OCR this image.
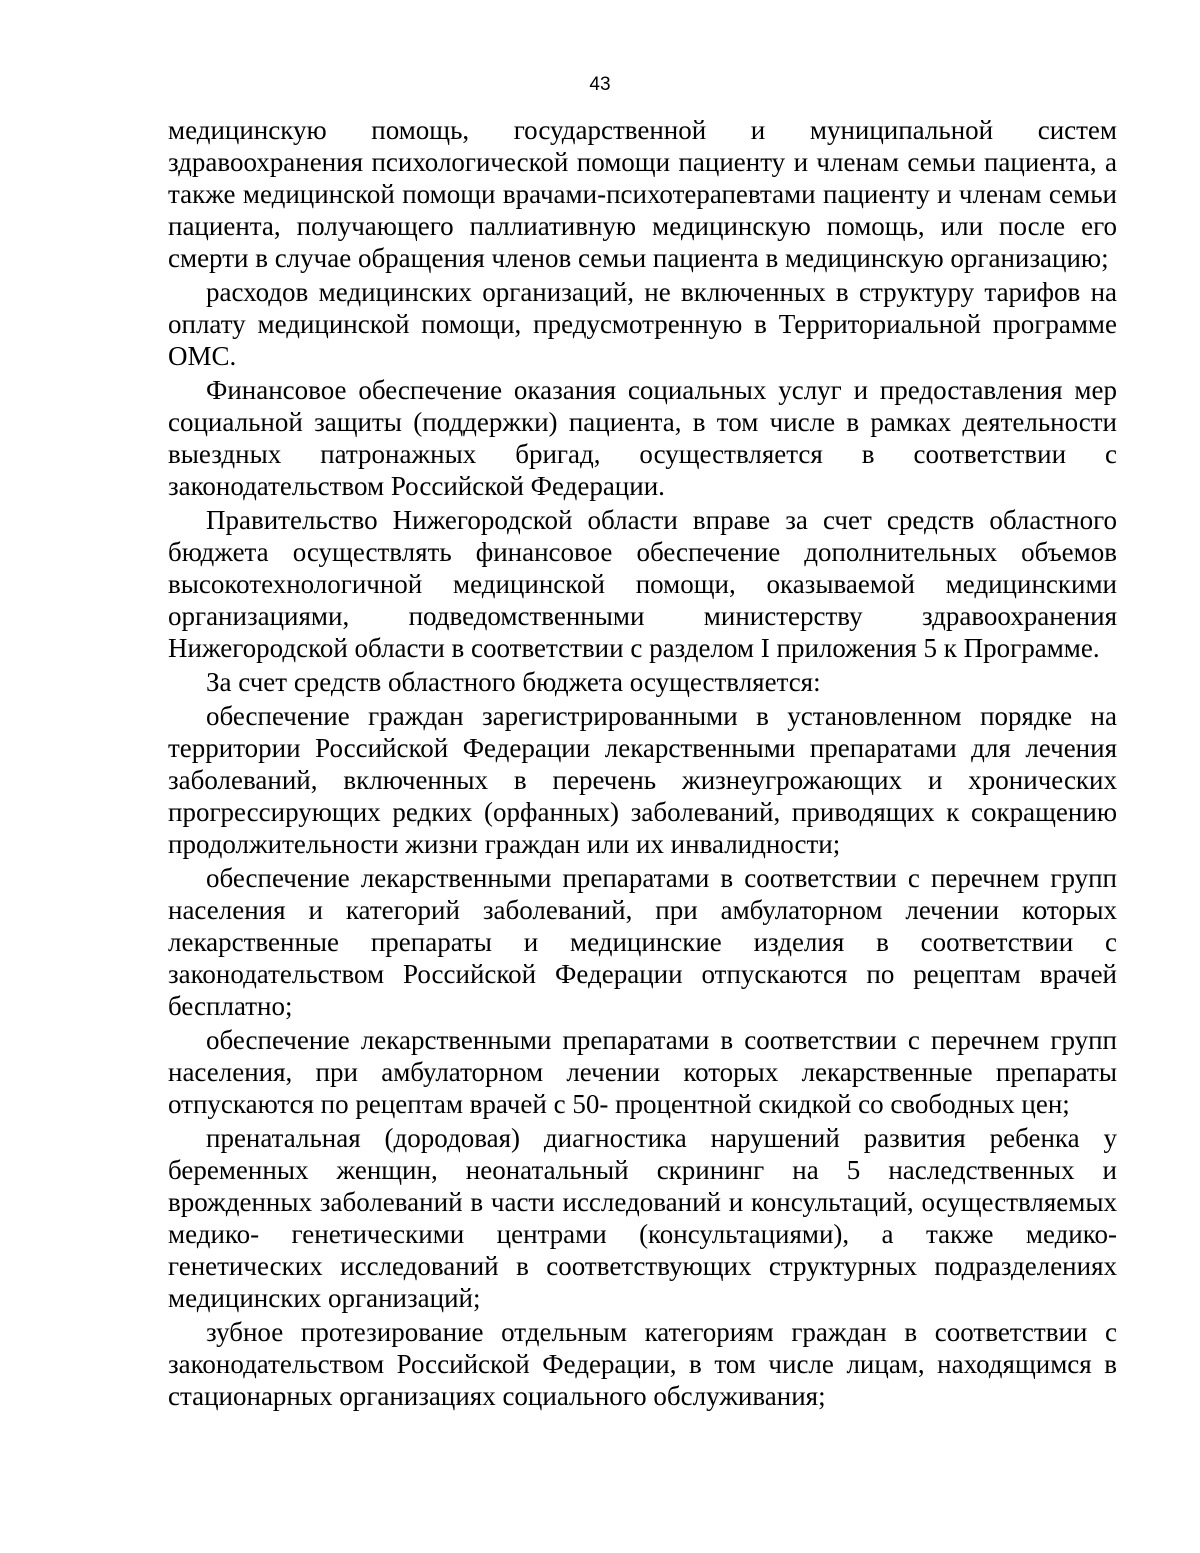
43

медицинскую помощь, государственной и муниципальной систем здравоохранения психологической помощи пациенту и членам семьи пациента, а также медицинской помощи врачами-психотерапевтами пациенту и членам семьи пациента, получающего паллиативную медицинскую помощь, или после его смерти в случае обращения членов семьи пациента в медицинскую организацию;

расходов медицинских организаций, не включенных в структуру тарифов на оплату медицинской помощи, предусмотренную в Территориальной программе ОМС.

Финансовое обеспечение оказания социальных услуг и предоставления мер социальной защиты (поддержки) пациента, в том числе в рамках деятельности выездных патронажных бригад, осуществляется в соответствии с законодательством Российской Федерации.

Правительство Нижегородской области вправе за счет средств областного бюджета осуществлять финансовое обеспечение дополнительных объемов высокотехнологичной медицинской помощи, оказываемой медицинскими организациями, подведомственными министерству здравоохранения Нижегородской области в соответствии с разделом I приложения 5 к Программе.

За счет средств областного бюджета осуществляется:

обеспечение граждан зарегистрированными в установленном порядке на территории Российской Федерации лекарственными препаратами для лечения заболеваний, включенных в перечень жизнеугрожающих и хронических прогрессирующих редких (орфанных) заболеваний, приводящих к сокращению продолжительности жизни граждан или их инвалидности;

обеспечение лекарственными препаратами в соответствии с перечнем групп населения и категорий заболеваний, при амбулаторном лечении которых лекарственные препараты и медицинские изделия в соответствии с законодательством Российской Федерации отпускаются по рецептам врачей бесплатно;

обеспечение лекарственными препаратами в соответствии с перечнем групп населения, при амбулаторном лечении которых лекарственные препараты отпускаются по рецептам врачей с 50- процентной скидкой со свободных цен;

пренатальная (дородовая) диагностика нарушений развития ребенка у беременных женщин, неонатальный скрининг на 5 наследственных и врожденных заболеваний в части исследований и консультаций, осуществляемых медико- генетическими центрами (консультациями), а также медико- генетических исследований в соответствующих структурных подразделениях медицинских организаций;

зубное протезирование отдельным категориям граждан в соответствии с законодательством Российской Федерации, в том числе лицам, находящимся в стационарных организациях социального обслуживания;
